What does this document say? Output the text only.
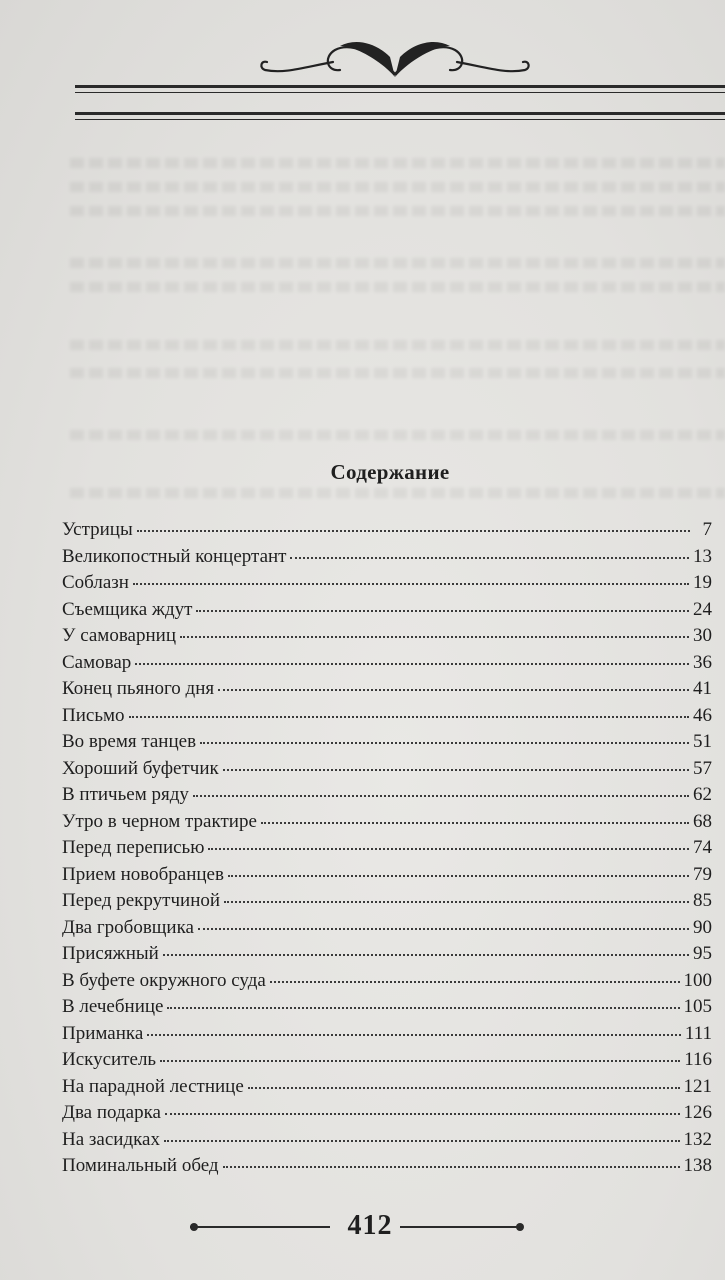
Содержание
Устрицы	7
Великопостный концертант	13
Соблазн	19
Съемщика ждут	24
У самоварниц	30
Самовар	36
Конец пьяного дня	41
Письмо	46
Во время танцев	51
Хороший буфетчик	57
В птичьем ряду	62
Утро в черном трактире	68
Перед переписью	74
Прием новобранцев	79
Перед рекрутчиной	85
Два гробовщика	90
Присяжный	95
В буфете окружного суда	100
В лечебнице	105
Приманка	111
Искуситель	116
На парадной лестнице	121
Два подарка	126
На засидках	132
Поминальный обед	138
412
